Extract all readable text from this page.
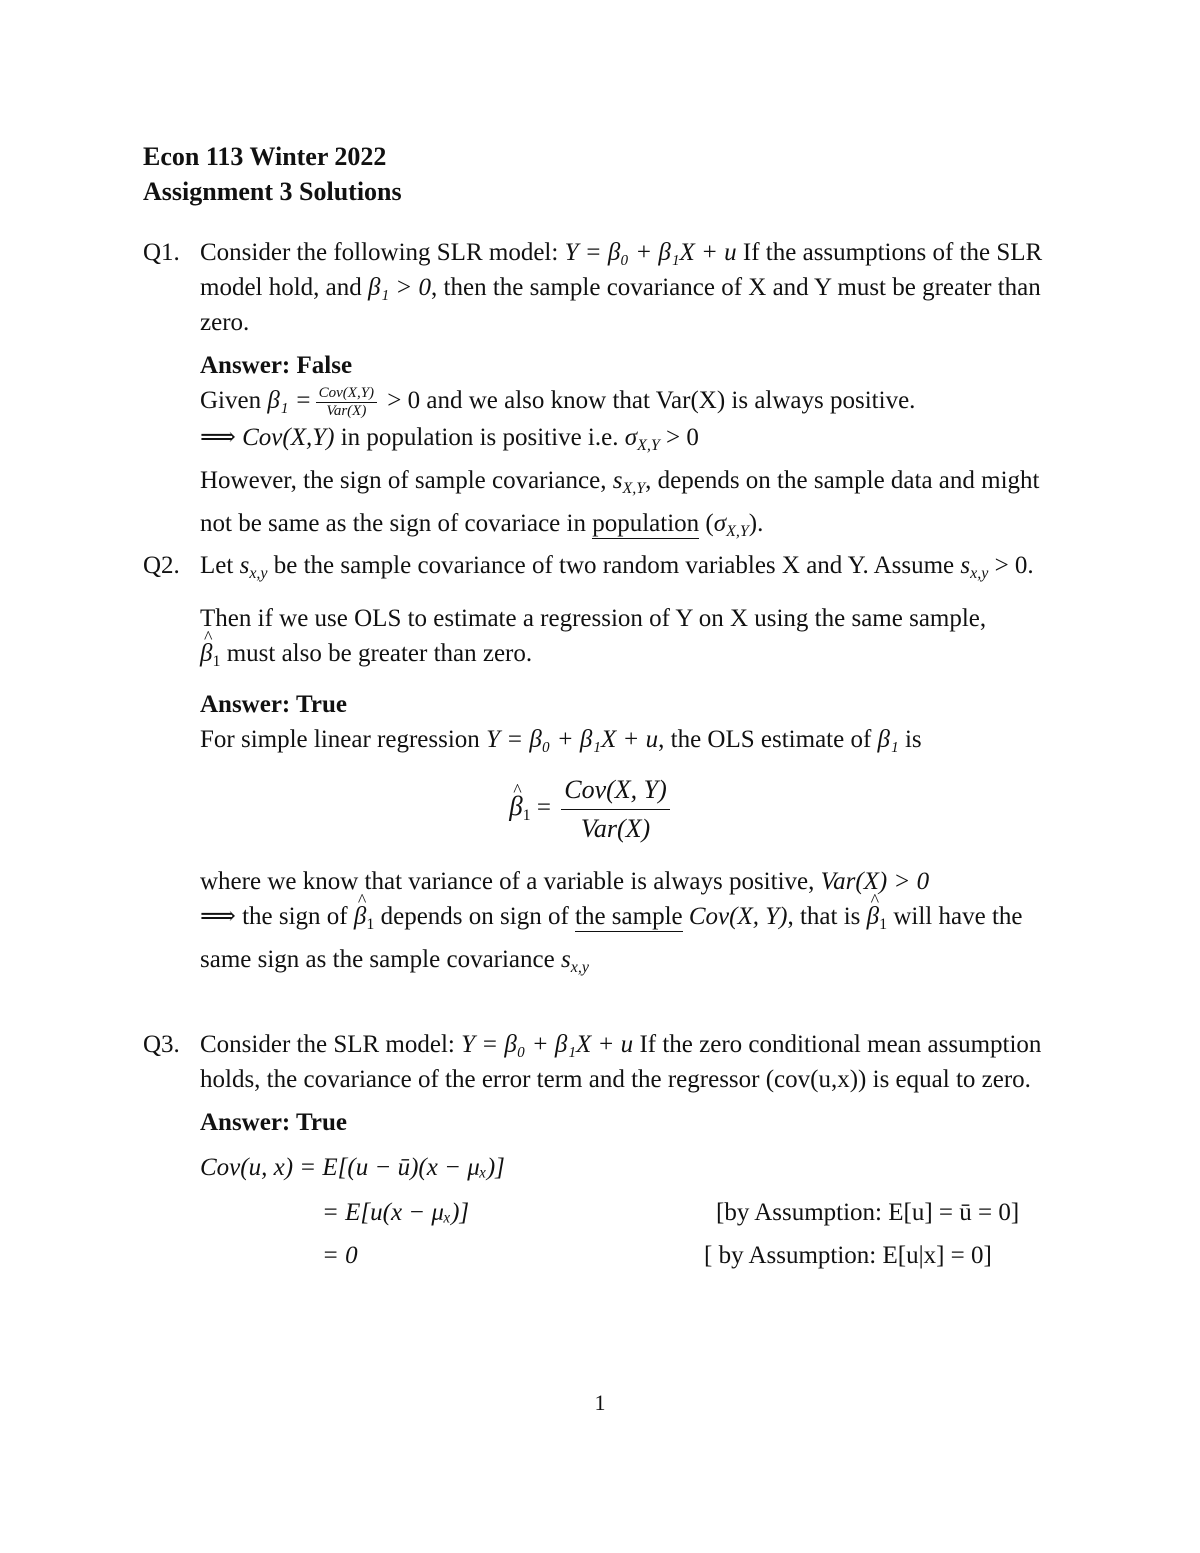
Econ 113 Winter 2022
Assignment 3 Solutions
Q1. Consider the following SLR model: Y = β₀ + β₁X + u If the assumptions of the SLR model hold, and β₁ > 0, then the sample covariance of X and Y must be greater than zero.
Answer: False
Given $\beta_1 = \frac{\text{Cov(X,Y)}}{\text{Var(X)}} > 0$ and we also know that Var(X) is always positive.
⟹ Cov(X,Y) in population is positive i.e. $\sigma_{X,Y} > 0$
However, the sign of sample covariance, $s_{X,Y}$, depends on the sample data and might not be same as the sign of covariace in population $(\sigma_{X,Y})$.
Q2. Let $s_{x,y}$ be the sample covariance of two random variables X and Y. Assume $s_{x,y} > 0$.
Then if we use OLS to estimate a regression of Y on X using the same sample,
^ $\beta_1$ must also be greater than zero.
Answer: True
For simple linear regression Y = β₀ + β₁X + u, the OLS estimate of β₁ is
^ $\beta_1 = \frac{\text{Cov(X, Y)}}{\text{Var(X)}}$
where we know that variance of a variable is always positive, Var(X) > 0
⟹ the sign of ^ $\beta_1$ depends on sign of the sample Cov(X, Y), that is ^ $\beta_1$ will have the same sign as the sample covariance $s_{x,y}$
Q3. Consider the SLR model: Y = β₀ + β₁X + u If the zero conditional mean assumption holds, the covariance of the error term and the regressor (cov(u,x)) is equal to zero.
Answer: True
Cov(u, x) = E[(u − ū)(x − μₓ)]
= E[u(x − μₓ)]
= 0
[by Assumption: E[u] = ū = 0]
[ by Assumption: E[u|x] = 0]
1
